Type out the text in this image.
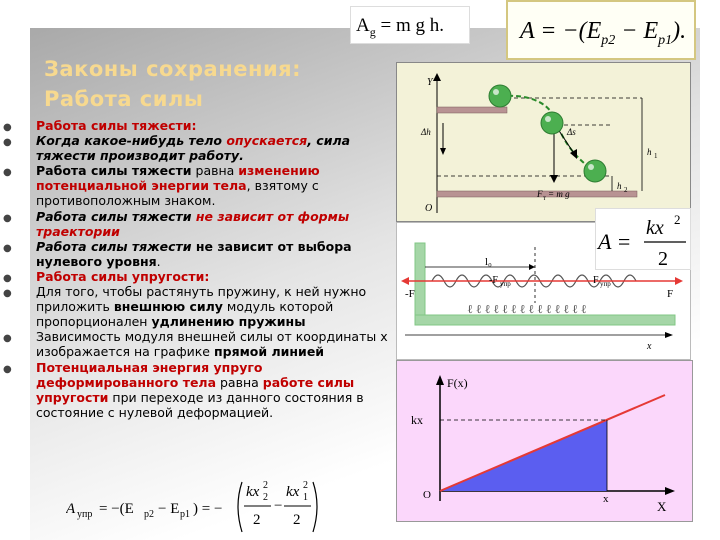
$A_g = m$ g h.	$A = -(E_{p2} - E_{p1})$.
Законы сохранения:
Работа силы
● Работа силы тяжести:
● Когда какое-нибудь тело опускается, сила тяжести производит работу.
● Работа силы тяжести равна изменению потенциальной энергии тела, взятому с противоположным знаком.
● Работа силы тяжести не зависит от формы траектории
● Работа силы тяжести не зависит от выбора нулевого уровня.
● Работа силы упругости:
● Для того, чтобы растянуть пружину, к ней нужно приложить внешнюю силу модуль которой пропорционален удлинению пружины
● Зависимость модуля внешней силы от координаты x изображается на графике прямой линией
● Потенциальная энергия упруго деформированного тела равна работе силы упругости при переходе из данного состояния в состояние с нулевой деформацией.
A упр = −(E p2 − E p1 ) = −
kx 2
2
2
−
kx 2
1
2
Y
O
Δs
Δh
h 1
h 2
F т = m g
ℓ ℓ ℓ ℓ ℓ ℓ ℓ ℓ ℓ ℓ ℓ ℓ ℓ ℓ
l₀
-F
-F упр	F упр
F
x
A =
kx 2
2
F(x)
kx
O	x	X
